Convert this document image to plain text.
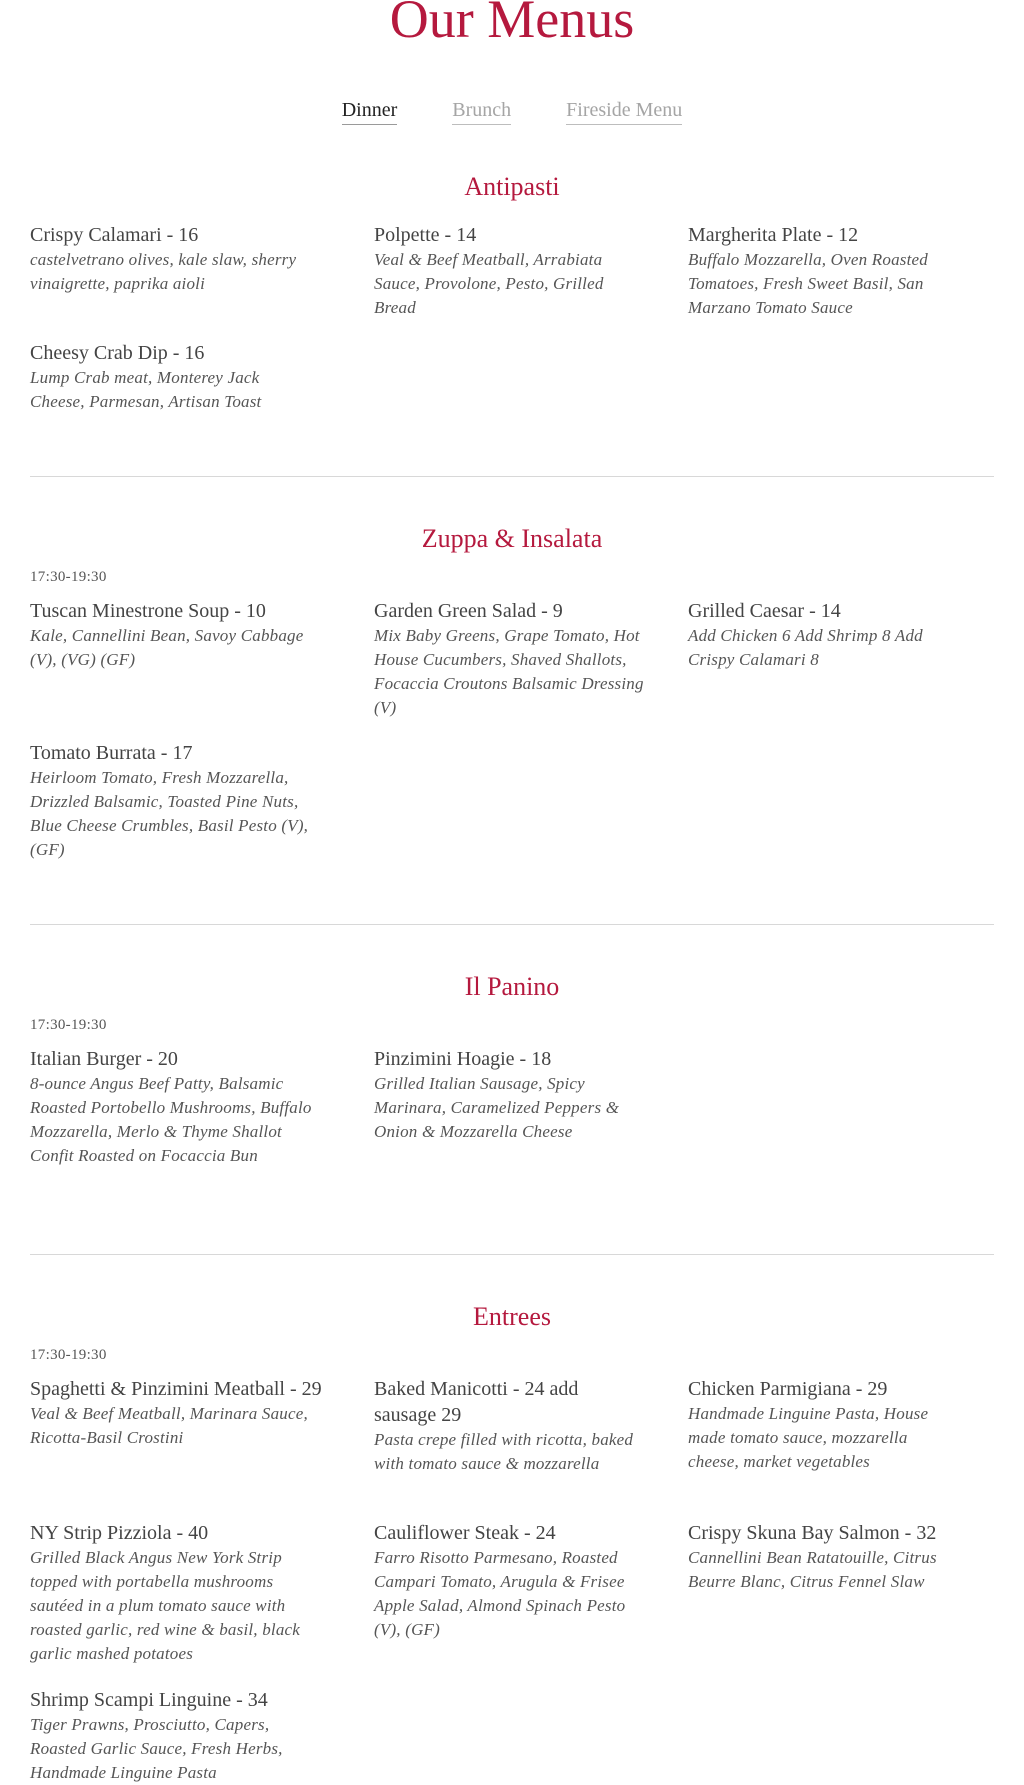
Our Menus
Dinner	Brunch	Fireside Menu
Antipasti
Crispy Calamari - 16

castelvetrano olives, kale slaw, sherry vinaigrette, paprika aioli

Polpette - 14

Veal & Beef Meatball, Arrabiata Sauce, Provolone, Pesto, Grilled Bread

Margherita Plate - 12

Buffalo Mozzarella, Oven Roasted Tomatoes, Fresh Sweet Basil, San Marzano Tomato Sauce

Cheesy Crab Dip - 16

Lump Crab meat, Monterey Jack Cheese, Parmesan, Artisan Toast

Zuppa & Insalata
17:30‑19:30
Tuscan Minestrone Soup - 10

Kale, Cannellini Bean, Savoy Cabbage (V), (VG) (GF)

Garden Green Salad - 9

Mix Baby Greens, Grape Tomato, Hot House Cucumbers, Shaved Shallots, Focaccia Croutons Balsamic Dressing (V)

Grilled Caesar - 14

Add Chicken 6 Add Shrimp 8 Add Crispy Calamari 8

Tomato Burrata - 17

Heirloom Tomato, Fresh Mozzarella, Drizzled Balsamic, Toasted Pine Nuts, Blue Cheese Crumbles, Basil Pesto (V), (GF)

Il Panino
17:30‑19:30
Italian Burger - 20

8-ounce Angus Beef Patty, Balsamic Roasted Portobello Mushrooms, Buffalo Mozzarella, Merlo & Thyme Shallot Confit Roasted on Focaccia Bun

Pinzimini Hoagie - 18

Grilled Italian Sausage, Spicy Marinara, Caramelized Peppers & Onion & Mozzarella Cheese

Entrees
17:30‑19:30
Spaghetti & Pinzimini Meatball - 29

Veal & Beef Meatball, Marinara Sauce, Ricotta-Basil Crostini

Baked Manicotti - 24 add sausage 29

Pasta crepe filled with ricotta, baked with tomato sauce & mozzarella

Chicken Parmigiana - 29

Handmade Linguine Pasta, House made tomato sauce, mozzarella cheese, market vegetables

NY Strip Pizziola - 40

Grilled Black Angus New York Strip topped with portabella mushrooms sautéed in a plum tomato sauce with roasted garlic, red wine & basil, black garlic mashed potatoes

Cauliflower Steak - 24

Farro Risotto Parmesano, Roasted Campari Tomato, Arugula & Frisee Apple Salad, Almond Spinach Pesto (V), (GF)

Crispy Skuna Bay Salmon - 32

Cannellini Bean Ratatouille, Citrus Beurre Blanc, Citrus Fennel Slaw

Shrimp Scampi Linguine - 34

Tiger Prawns, Prosciutto, Capers, Roasted Garlic Sauce, Fresh Herbs, Handmade Linguine Pasta
